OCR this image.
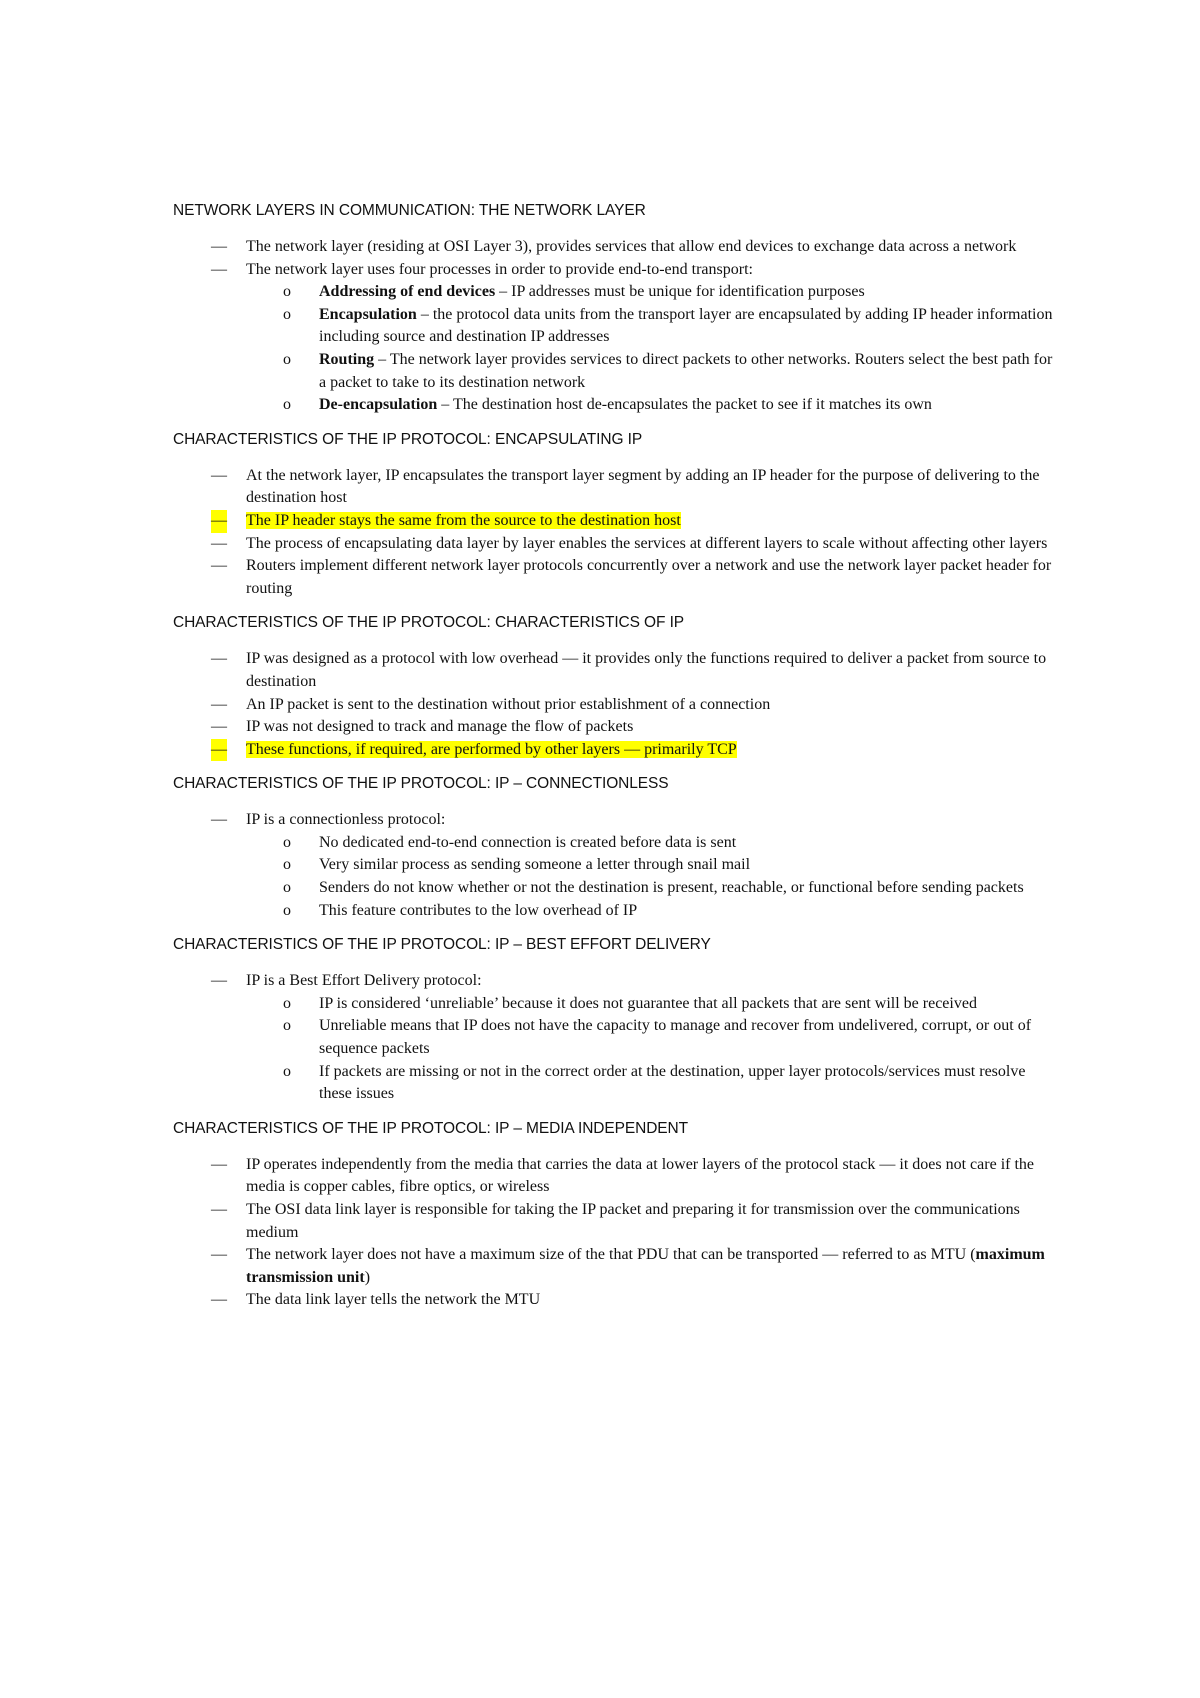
NETWORK LAYERS IN COMMUNICATION: THE NETWORK LAYER
— The network layer (residing at OSI Layer 3), provides services that allow end devices to exchange data across a network
— The network layer uses four processes in order to provide end-to-end transport:
o Addressing of end devices – IP addresses must be unique for identification purposes
o Encapsulation – the protocol data units from the transport layer are encapsulated by adding IP header information including source and destination IP addresses
o Routing – The network layer provides services to direct packets to other networks. Routers select the best path for a packet to take to its destination network
o De-encapsulation – The destination host de-encapsulates the packet to see if it matches its own
CHARACTERISTICS OF THE IP PROTOCOL: ENCAPSULATING IP
— At the network layer, IP encapsulates the transport layer segment by adding an IP header for the purpose of delivering to the destination host
— The IP header stays the same from the source to the destination host
— The process of encapsulating data layer by layer enables the services at different layers to scale without affecting other layers
— Routers implement different network layer protocols concurrently over a network and use the network layer packet header for routing
CHARACTERISTICS OF THE IP PROTOCOL: CHARACTERISTICS OF IP
— IP was designed as a protocol with low overhead — it provides only the functions required to deliver a packet from source to destination
— An IP packet is sent to the destination without prior establishment of a connection
— IP was not designed to track and manage the flow of packets
— These functions, if required, are performed by other layers — primarily TCP
CHARACTERISTICS OF THE IP PROTOCOL: IP – CONNECTIONLESS
— IP is a connectionless protocol:
o No dedicated end-to-end connection is created before data is sent
o Very similar process as sending someone a letter through snail mail
o Senders do not know whether or not the destination is present, reachable, or functional before sending packets
o This feature contributes to the low overhead of IP
CHARACTERISTICS OF THE IP PROTOCOL: IP – BEST EFFORT DELIVERY
— IP is a Best Effort Delivery protocol:
o IP is considered ‘unreliable’ because it does not guarantee that all packets that are sent will be received
o Unreliable means that IP does not have the capacity to manage and recover from undelivered, corrupt, or out of sequence packets
o If packets are missing or not in the correct order at the destination, upper layer protocols/services must resolve these issues
CHARACTERISTICS OF THE IP PROTOCOL: IP – MEDIA INDEPENDENT
— IP operates independently from the media that carries the data at lower layers of the protocol stack — it does not care if the media is copper cables, fibre optics, or wireless
— The OSI data link layer is responsible for taking the IP packet and preparing it for transmission over the communications medium
— The network layer does not have a maximum size of the that PDU that can be transported — referred to as MTU (maximum transmission unit)
— The data link layer tells the network the MTU
